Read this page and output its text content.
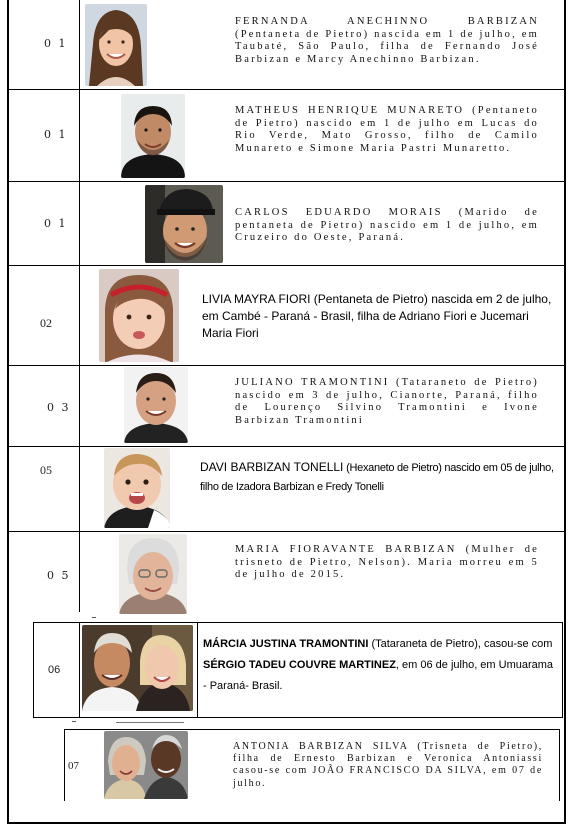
0 1
FERNANDA ANECHINNO BARBIZAN (Pentaneta de Pietro) nascida em 1 de julho, em Taubaté, São Paulo, filha de Fernando José Barbizan e Marcy Anechinno Barbizan.
0 1
MATHEUS HENRIQUE MUNARETO (Pentaneto de Pietro) nascido em 1 de julho em Lucas do Rio Verde, Mato Grosso, filho de Camilo Munareto e Simone Maria Pastri Munaretto.
0 1
CARLOS EDUARDO MORAIS (Marido de pentaneta de Pietro) nascido em 1 de julho, em Cruzeiro do Oeste, Paraná.
02
LIVIA MAYRA FIORI (Pentaneta de Pietro) nascida em 2 de julho, em Cambé - Paraná - Brasil, filha de Adriano Fiori e Jucemari Maria Fiori
0 3
JULIANO TRAMONTINI (Tataraneto de Pietro) nascido em 3 de julho, Cianorte, Paraná, filho de Lourenço Silvino Tramontini e Ivone Barbizan Tramontini
05	DAVI BARBIZAN TONELLI (Hexaneto de Pietro) nascido em 05 de julho, filho de Izadora Barbizan e Fredy Tonelli
0 5
MARIA FIORAVANTE BARBIZAN (Mulher de trisneto de Pietro, Nelson). Maria morreu em 5 de julho de 2015.
06
MÁRCIA JUSTINA TRAMONTINI (Tataraneta de Pietro), casou-se com SÉRGIO TADEU COUVRE MARTINEZ, em 06 de julho, em Umuarama - Paraná- Brasil.
07
ANTONIA BARBIZAN SILVA (Trisneta de Pietro), filha de Ernesto Barbizan e Veronica Antoniassi casou-se com JOÃO FRANCISCO DA SILVA, em 07 de julho.
